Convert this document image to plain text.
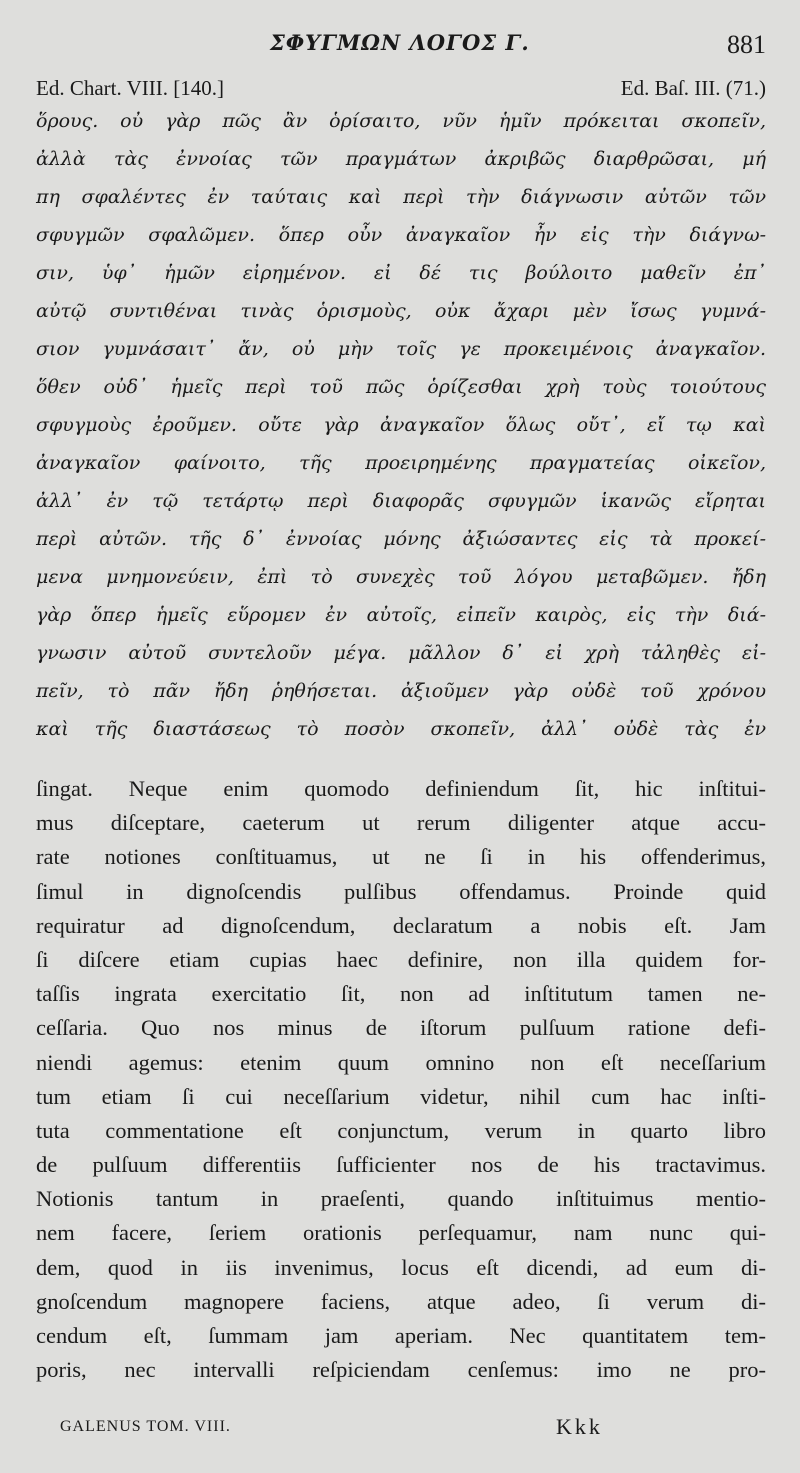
ΣΦΥΓΜΩΝ ΛΟΓΟΣ Γ.	881
Ed. Chart. VIII. [140.]	Ed. Baſ. III. (71.)
ὅρους. οὐ γὰρ πῶς ἂν ὁρίσαιτο, νῦν ἡμῖν πρόκειται σκοπεῖν,
ἀλλὰ τὰς ἐννοίας τῶν πραγμάτων ἀκριβῶς διαρθρῶσαι, μή
πη σφαλέντες ἐν ταύταις καὶ περὶ τὴν διάγνωσιν αὐτῶν τῶν
σφυγμῶν σφαλῶμεν. ὅπερ οὖν ἀναγκαῖον ἦν εἰς τὴν διάγνω-
σιν, ὑφ᾽ ἡμῶν εἰρημένον. εἰ δέ τις βούλοιτο μαθεῖν ἐπ᾽
αὐτῷ συντιθέναι τινὰς ὁρισμοὺς, οὐκ ἄχαρι μὲν ἴσως γυμνά-
σιον γυμνάσαιτ᾽ ἄν, οὐ μὴν τοῖς γε προκειμένοις ἀναγκαῖον.
ὅθεν οὐδ᾽ ἡμεῖς περὶ τοῦ πῶς ὁρίζεσθαι χρὴ τοὺς τοιούτους
σφυγμοὺς ἐροῦμεν. οὔτε γὰρ ἀναγκαῖον ὅλως οὔτ᾽, εἴ τῳ καὶ
ἀναγκαῖον φαίνοιτο, τῆς προειρημένης πραγματείας οἰκεῖον,
ἀλλ᾽ ἐν τῷ τετάρτῳ περὶ διαφορᾶς σφυγμῶν ἱκανῶς εἴρηται
περὶ αὐτῶν. τῆς δ᾽ ἐννοίας μόνης ἀξιώσαντες εἰς τὰ προκεί-
μενα μνημονεύειν, ἐπὶ τὸ συνεχὲς τοῦ λόγου μεταβῶμεν. ἤδη
γὰρ ὅπερ ἡμεῖς εὕρομεν ἐν αὐτοῖς, εἰπεῖν καιρὸς, εἰς τὴν διά-
γνωσιν αὐτοῦ συντελοῦν μέγα. μᾶλλον δ᾽ εἰ χρὴ τἀληθὲς εἰ-
πεῖν, τὸ πᾶν ἤδη ῥηθήσεται. ἀξιοῦμεν γὰρ οὐδὲ τοῦ χρόνου
καὶ τῆς διαστάσεως τὸ ποσὸν σκοπεῖν, ἀλλ᾽ οὐδὲ τὰς ἐν
ſingat. Neque enim quomodo definiendum ſit, hic inſtitui-
mus diſceptare, caeterum ut rerum diligenter atque accu-
rate notiones conſtituamus, ut ne ſi in his offenderimus,
ſimul in dignoſcendis pulſibus offendamus. Proinde quid
requiratur ad dignoſcendum, declaratum a nobis eſt. Jam
ſi diſcere etiam cupias haec definire, non illa quidem for-
taſſis ingrata exercitatio ſit, non ad inſtitutum tamen ne-
ceſſaria. Quo nos minus de iſtorum pulſuum ratione defi-
niendi agemus: etenim quum omnino non eſt neceſſarium
tum etiam ſi cui neceſſarium videtur, nihil cum hac inſti-
tuta commentatione eſt conjunctum, verum in quarto libro
de pulſuum differentiis ſufficienter nos de his tractavimus.
Notionis tantum in praeſenti, quando inſtituimus mentio-
nem facere, ſeriem orationis perſequamur, nam nunc qui-
dem, quod in iis invenimus, locus eſt dicendi, ad eum di-
gnoſcendum magnopere faciens, atque adeo, ſi verum di-
cendum eſt, ſummam jam aperiam. Nec quantitatem tem-
poris, nec intervalli reſpiciendam cenſemus: imo ne pro-
GALENUS TOM. VIII.	Kkk
